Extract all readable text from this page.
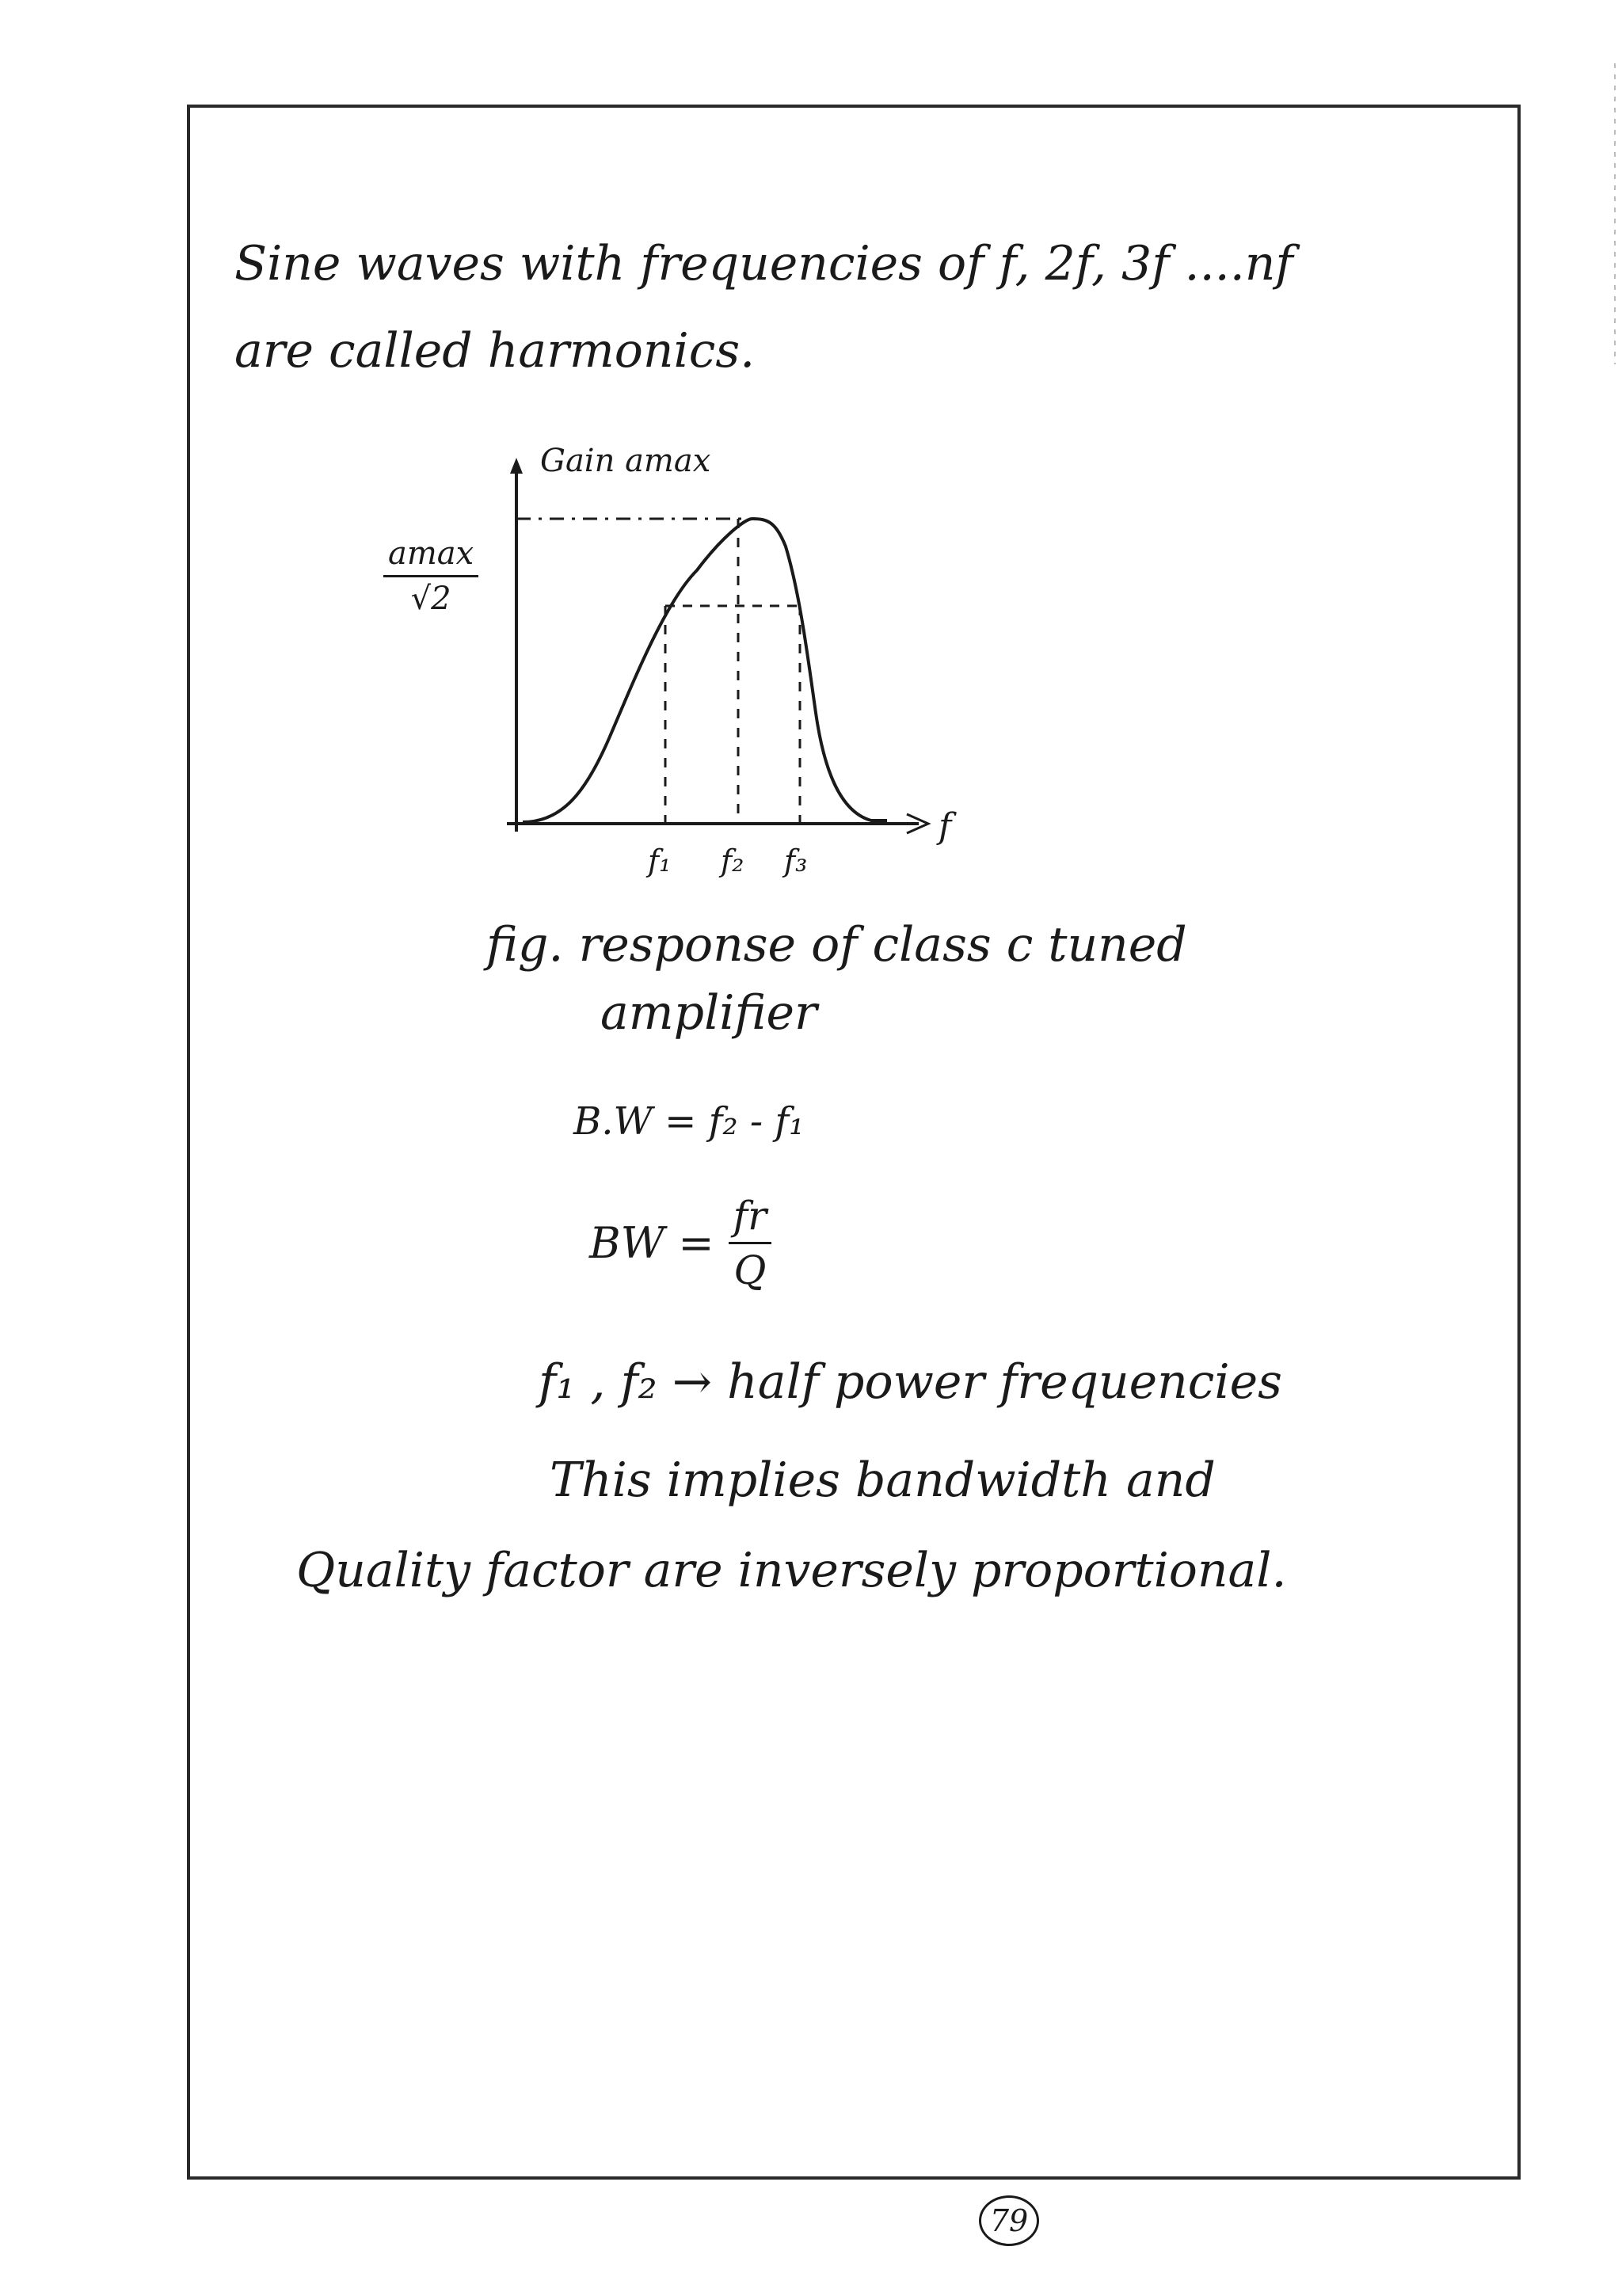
Sine waves with frequencies of f, 2f, 3f ....nf
are called harmonics.
Gain amax
f
f₁ f₂ f₃
amax
√2
fig. response of class c tuned
amplifier
B.W = f₂ - f₁
BW = $\frac{fr}{Q}$
f₁ , f₂ → half power frequencies
This implies bandwidth and
Quality factor are inversely proportional.
79
